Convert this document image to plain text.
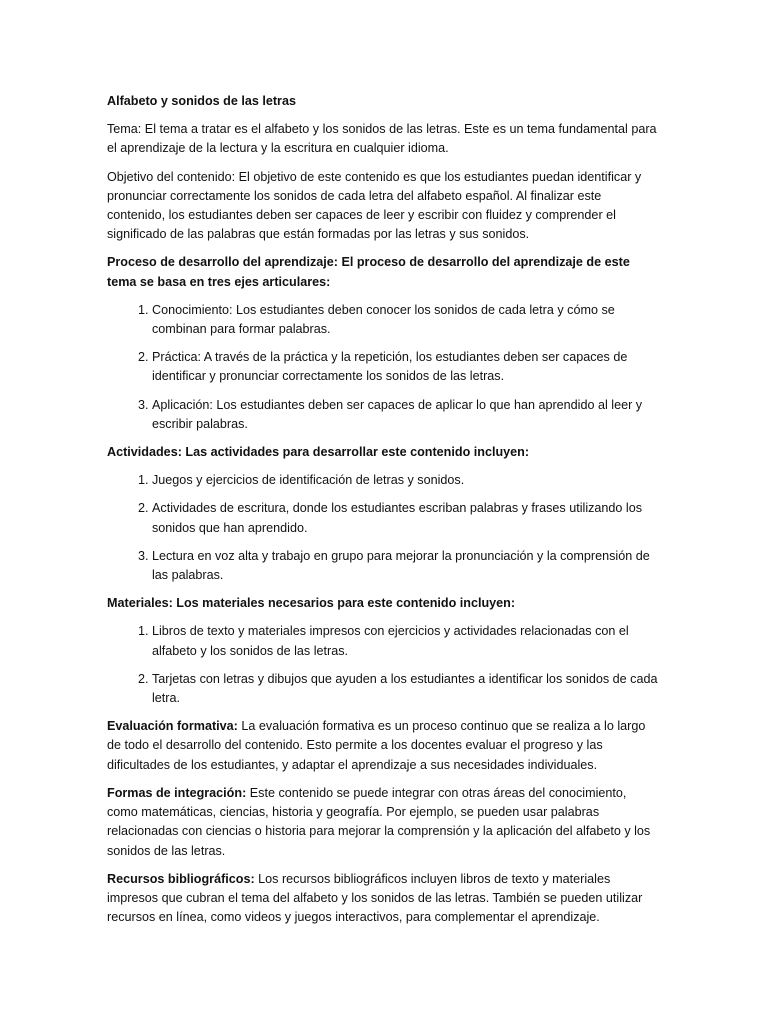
Alfabeto y sonidos de las letras

Tema: El tema a tratar es el alfabeto y los sonidos de las letras. Este es un tema fundamental para el aprendizaje de la lectura y la escritura en cualquier idioma.

Objetivo del contenido: El objetivo de este contenido es que los estudiantes puedan identificar y pronunciar correctamente los sonidos de cada letra del alfabeto español. Al finalizar este contenido, los estudiantes deben ser capaces de leer y escribir con fluidez y comprender el significado de las palabras que están formadas por las letras y sus sonidos.

Proceso de desarrollo del aprendizaje: El proceso de desarrollo del aprendizaje de este tema se basa en tres ejes articulares:

1. Conocimiento: Los estudiantes deben conocer los sonidos de cada letra y cómo se combinan para formar palabras.
2. Práctica: A través de la práctica y la repetición, los estudiantes deben ser capaces de identificar y pronunciar correctamente los sonidos de las letras.
3. Aplicación: Los estudiantes deben ser capaces de aplicar lo que han aprendido al leer y escribir palabras.

Actividades: Las actividades para desarrollar este contenido incluyen:

1. Juegos y ejercicios de identificación de letras y sonidos.
2. Actividades de escritura, donde los estudiantes escriban palabras y frases utilizando los sonidos que han aprendido.
3. Lectura en voz alta y trabajo en grupo para mejorar la pronunciación y la comprensión de las palabras.

Materiales: Los materiales necesarios para este contenido incluyen:

1. Libros de texto y materiales impresos con ejercicios y actividades relacionadas con el alfabeto y los sonidos de las letras.
2. Tarjetas con letras y dibujos que ayuden a los estudiantes a identificar los sonidos de cada letra.

Evaluación formativa: La evaluación formativa es un proceso continuo que se realiza a lo largo de todo el desarrollo del contenido. Esto permite a los docentes evaluar el progreso y las dificultades de los estudiantes, y adaptar el aprendizaje a sus necesidades individuales.

Formas de integración: Este contenido se puede integrar con otras áreas del conocimiento, como matemáticas, ciencias, historia y geografía. Por ejemplo, se pueden usar palabras relacionadas con ciencias o historia para mejorar la comprensión y la aplicación del alfabeto y los sonidos de las letras.

Recursos bibliográficos: Los recursos bibliográficos incluyen libros de texto y materiales impresos que cubran el tema del alfabeto y los sonidos de las letras. También se pueden utilizar recursos en línea, como videos y juegos interactivos, para complementar el aprendizaje.
